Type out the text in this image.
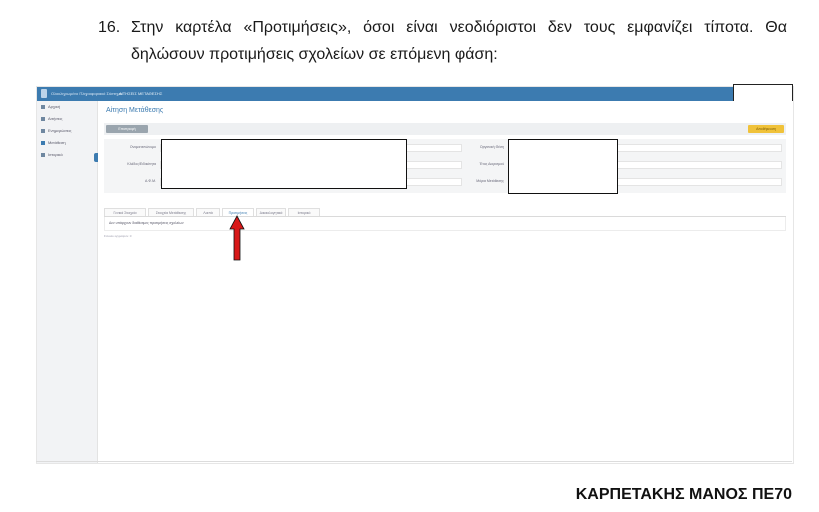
16. Στην καρτέλα «Προτιμήσεις», όσοι είναι νεοδιόριστοι δεν τους εμφανίζει τίποτα. Θα δηλώσουν προτιμήσεις σχολείων σε επόμενη φάση:
Ολοκληρωμένο Πληροφοριακό Σύστημα
ΑΙΤΗΣΕΙΣ ΜΕΤΑΘΕΣΗΣ
Αρχική
Αιτήσεις
Ενημερώσεις
Μετάθεση
Ιστορικό
Αίτηση Μετάθεσης
Επιστροφή	Αποθήκευση
Ονοματεπώνυμο
Κλάδος/Ειδικότητα
Α.Φ.Μ.
Οργανική Θέση
Έτος Διορισμού
Μόρια Μετάθεσης
Γενικά Στοιχεία	Στοιχεία Μετάθεσης	Λοιπά	Προτιμήσεις	Δικαιολογητικά	Ιστορικό
Δεν υπάρχουν διαθέσιμες προτιμήσεις σχολείων
Σύνολο εγγραφών: 0
ΚΑΡΠΕΤΑΚΗΣ ΜΑΝΟΣ ΠΕ70
